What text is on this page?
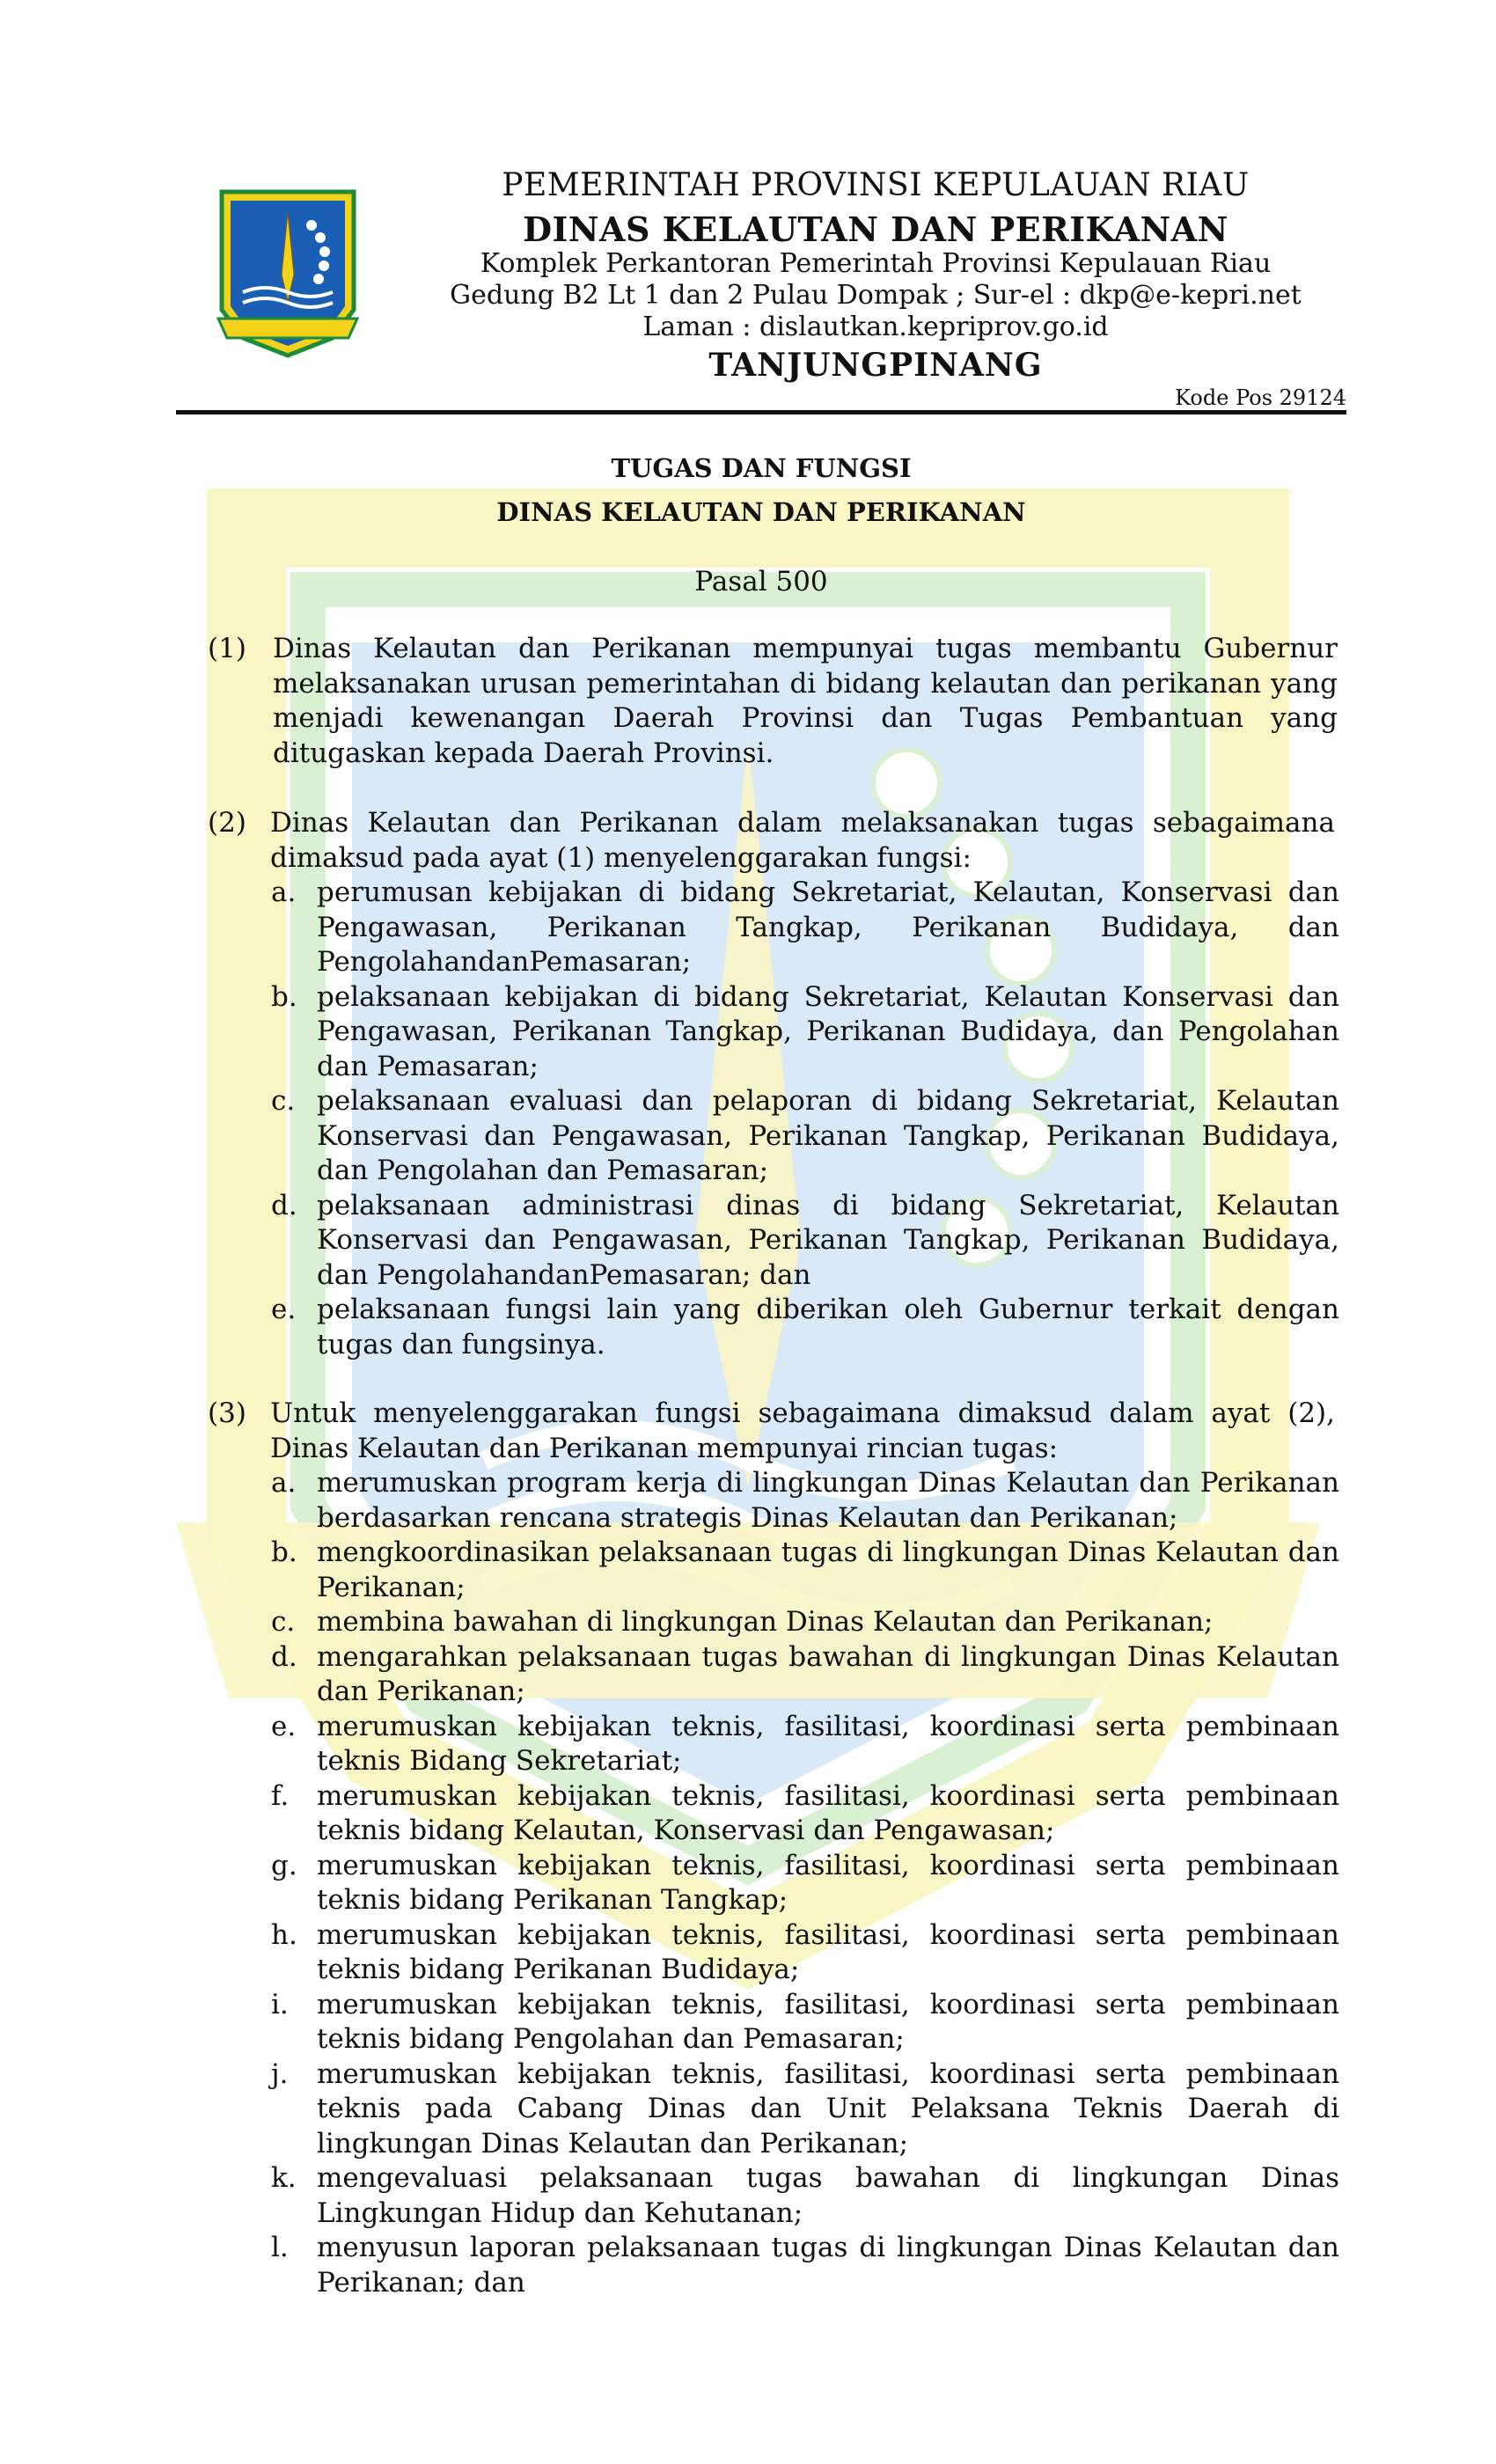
PEMERINTAH PROVINSI KEPULAUAN RIAU
DINAS KELAUTAN DAN PERIKANAN
Komplek Perkantoran Pemerintah Provinsi Kepulauan Riau
Gedung B2 Lt 1 dan 2 Pulau Dompak ; Sur-el : dkp@e-kepri.net
Laman : dislautkan.kepriprov.go.id
TANJUNGPINANG
Kode Pos 29124
TUGAS DAN FUNGSI
DINAS KELAUTAN DAN PERIKANAN
Pasal 500
(1) Dinas Kelautan dan Perikanan mempunyai tugas membantu Gubernur melaksanakan urusan pemerintahan di bidang kelautan dan perikanan yang menjadi kewenangan Daerah Provinsi dan Tugas Pembantuan yang ditugaskan kepada Daerah Provinsi.
(2) Dinas Kelautan dan Perikanan dalam melaksanakan tugas sebagaimana dimaksud pada ayat (1) menyelenggarakan fungsi:
a. perumusan kebijakan di bidang Sekretariat, Kelautan, Konservasi dan Pengawasan, Perikanan Tangkap, Perikanan Budidaya, dan PengolahandanPemasaran;
b. pelaksanaan kebijakan di bidang Sekretariat, Kelautan Konservasi dan Pengawasan, Perikanan Tangkap, Perikanan Budidaya, dan Pengolahan dan Pemasaran;
c. pelaksanaan evaluasi dan pelaporan di bidang Sekretariat, Kelautan Konservasi dan Pengawasan, Perikanan Tangkap, Perikanan Budidaya, dan Pengolahan dan Pemasaran;
d. pelaksanaan administrasi dinas di bidang Sekretariat, Kelautan Konservasi dan Pengawasan, Perikanan Tangkap, Perikanan Budidaya, dan PengolahandanPemasaran; dan
e. pelaksanaan fungsi lain yang diberikan oleh Gubernur terkait dengan tugas dan fungsinya.
(3) Untuk menyelenggarakan fungsi sebagaimana dimaksud dalam ayat (2), Dinas Kelautan dan Perikanan mempunyai rincian tugas:
a. merumuskan program kerja di lingkungan Dinas Kelautan dan Perikanan berdasarkan rencana strategis Dinas Kelautan dan Perikanan;
b. mengkoordinasikan pelaksanaan tugas di lingkungan Dinas Kelautan dan Perikanan;
c. membina bawahan di lingkungan Dinas Kelautan dan Perikanan;
d. mengarahkan pelaksanaan tugas bawahan di lingkungan Dinas Kelautan dan Perikanan;
e. merumuskan kebijakan teknis, fasilitasi, koordinasi serta pembinaan teknis Bidang Sekretariat;
f. merumuskan kebijakan teknis, fasilitasi, koordinasi serta pembinaan teknis bidang Kelautan, Konservasi dan Pengawasan;
g. merumuskan kebijakan teknis, fasilitasi, koordinasi serta pembinaan teknis bidang Perikanan Tangkap;
h. merumuskan kebijakan teknis, fasilitasi, koordinasi serta pembinaan teknis bidang Perikanan Budidaya;
i. merumuskan kebijakan teknis, fasilitasi, koordinasi serta pembinaan teknis bidang Pengolahan dan Pemasaran;
j. merumuskan kebijakan teknis, fasilitasi, koordinasi serta pembinaan teknis pada Cabang Dinas dan Unit Pelaksana Teknis Daerah di lingkungan Dinas Kelautan dan Perikanan;
k. mengevaluasi pelaksanaan tugas bawahan di lingkungan Dinas Lingkungan Hidup dan Kehutanan;
l. menyusun laporan pelaksanaan tugas di lingkungan Dinas Kelautan dan Perikanan; dan
